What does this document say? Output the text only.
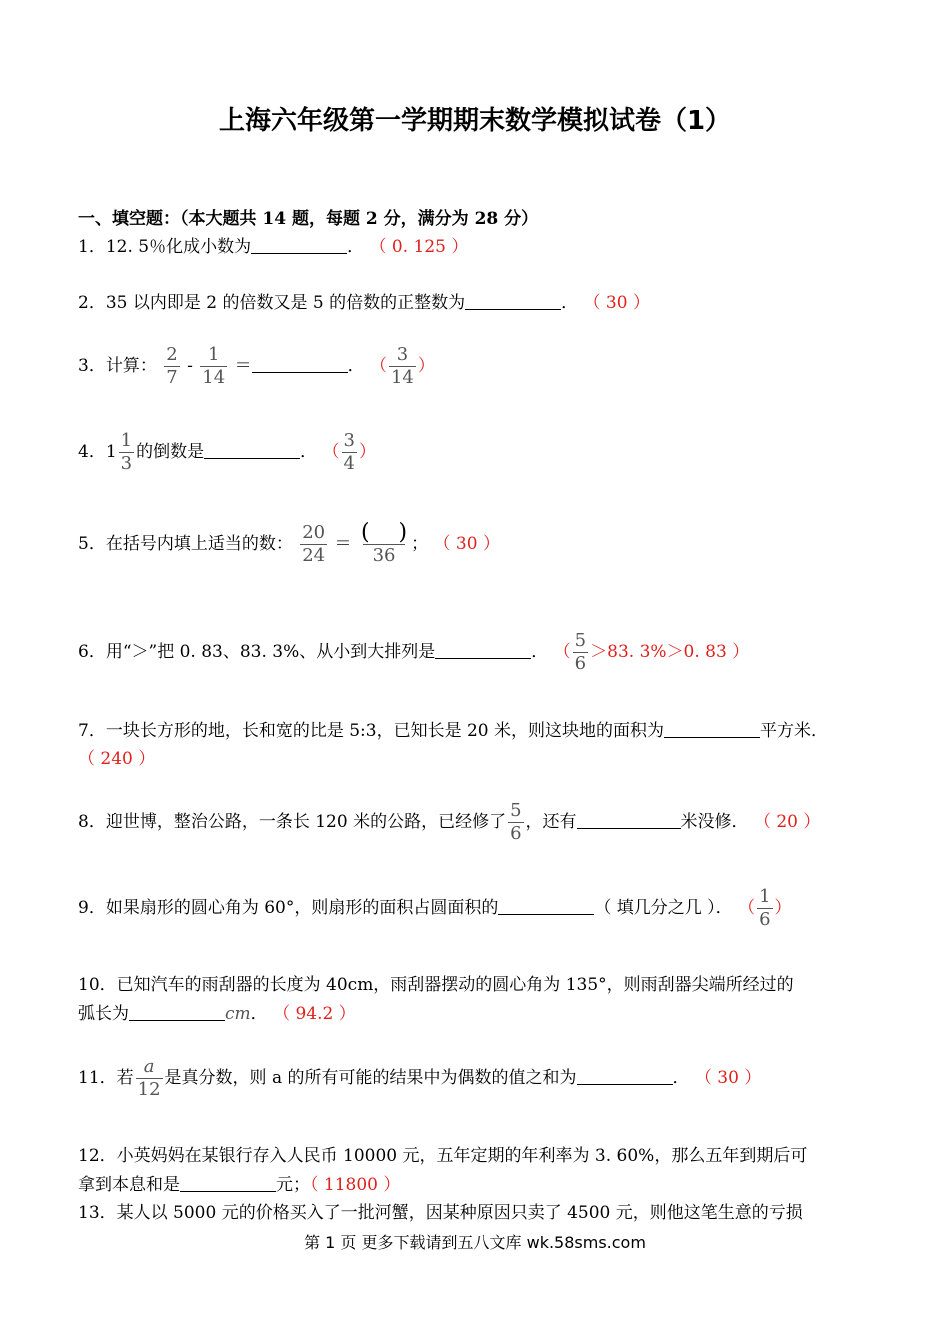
上海六年级第一学期期末数学模拟试卷（1）
一、填空题：（本大题共 14 题，每题 2 分，满分为 28 分）
1．12. 5％化成小数为	． （ 0. 125 ）
2．35 以内即是 2 的倍数又是 5 的倍数的正整数为	． （ 30 ）
3．计算： $\frac{2}{7} - \frac{1}{14}$ ＝	． （ $\frac{3}{14}$ ）
4．$1 \frac{1}{3}$ 的倒数是	． （ $\frac{3}{4}$ ）
5．在括号内填上适当的数： $\frac{20}{24} = \frac{( )}{36}$ ； （ 30 ）
6．用“＞”把 0. 83、83. 3%、从小到大排列是	． （ $\frac{5}{6} >83$. 3%＞0. 83 ）
7．一块长方形的地，长和宽的比是 5:3，已知长是 20 米，则这块地的面积为	平方米．
（ 240 ）
8．迎世博，整治公路，一条长 120 米的公路，已经修了 $\frac{5}{6}$ ，还有	米没修． （ 20 ）
9．如果扇形的圆心角为 60°，则扇形的面积占圆面积的	（ 填几分之几 ）． （ $\frac{1}{6}$ ）
10．已知汽车的雨刮器的长度为 40cm，雨刮器摆动的圆心角为 135°，则雨刮器尖端所经过的
弧长为	cm． （ 94.2 ）
11．若 $\frac{a}{12}$ 是真分数，则 a 的所有可能的结果中为偶数的值之和为	． （ 30 ）
12．小英妈妈在某银行存入人民币 10000 元，五年定期的年利率为 3. 60%，那么五年到期后可
拿到本息和是	元；（ 11800 ）
13．某人以 5000 元的价格买入了一批河蟹，因某种原因只卖了 4500 元，则他这笔生意的亏损
第 1 页 更多下载请到五八文库 wk.58sms.com
